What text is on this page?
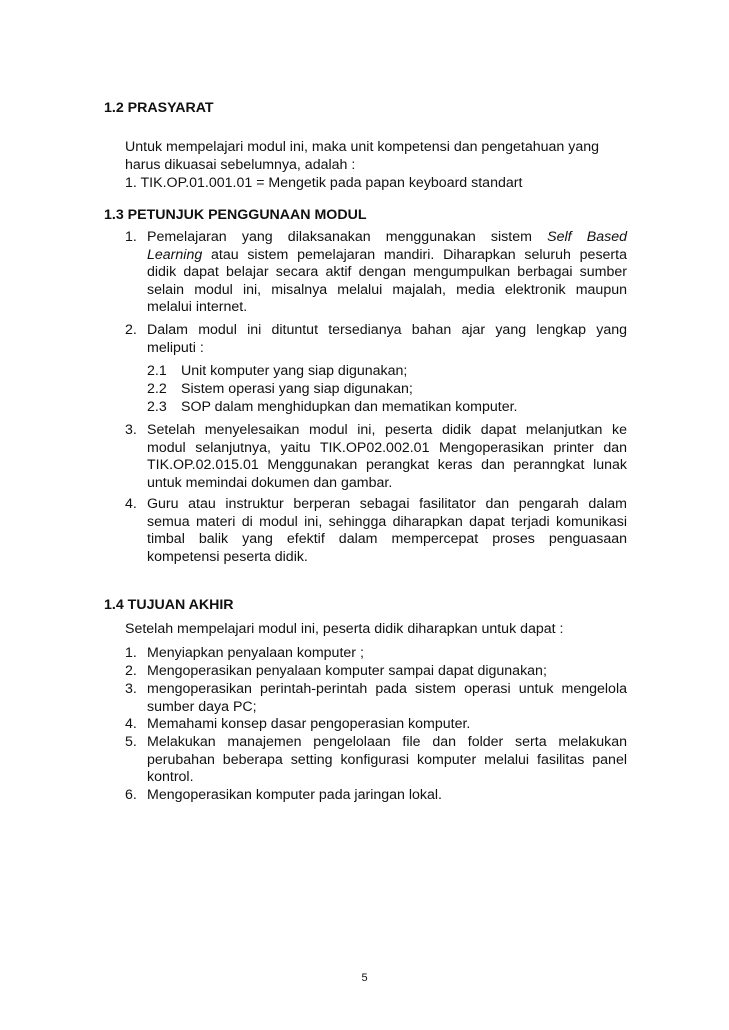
1.2 PRASYARAT
Untuk mempelajari modul ini, maka unit kompetensi dan pengetahuan yang
harus dikuasai sebelumnya, adalah :
1. TIK.OP.01.001.01 = Mengetik pada papan keyboard standart
1.3 PETUNJUK PENGGUNAAN MODUL
1. Pemelajaran yang dilaksanakan menggunakan sistem Self Based
Learning atau sistem pemelajaran mandiri. Diharapkan seluruh peserta
didik dapat belajar secara aktif dengan mengumpulkan berbagai sumber
selain modul ini, misalnya melalui majalah, media elektronik maupun
melalui internet.
2. Dalam modul ini dituntut tersedianya bahan ajar yang lengkap yang
meliputi :
2.1 Unit komputer yang siap digunakan;
2.2 Sistem operasi yang siap digunakan;
2.3 SOP dalam menghidupkan dan mematikan komputer.
3. Setelah menyelesaikan modul ini, peserta didik dapat melanjutkan ke
modul selanjutnya, yaitu TIK.OP02.002.01 Mengoperasikan printer dan
TIK.OP.02.015.01 Menggunakan perangkat keras dan peranngkat lunak
untuk memindai dokumen dan gambar.
4. Guru atau instruktur berperan sebagai fasilitator dan pengarah dalam
semua materi di modul ini, sehingga diharapkan dapat terjadi komunikasi
timbal balik yang efektif dalam mempercepat proses penguasaan
kompetensi peserta didik.
1.4 TUJUAN AKHIR
Setelah mempelajari modul ini, peserta didik diharapkan untuk dapat :
1. Menyiapkan penyalaan komputer ;
2. Mengoperasikan penyalaan komputer sampai dapat digunakan;
3. mengoperasikan perintah-perintah pada sistem operasi untuk mengelola
sumber daya PC;
4. Memahami konsep dasar pengoperasian komputer.
5. Melakukan manajemen pengelolaan file dan folder serta melakukan
perubahan beberapa setting konfigurasi komputer melalui fasilitas panel
kontrol.
6. Mengoperasikan komputer pada jaringan lokal.
5
